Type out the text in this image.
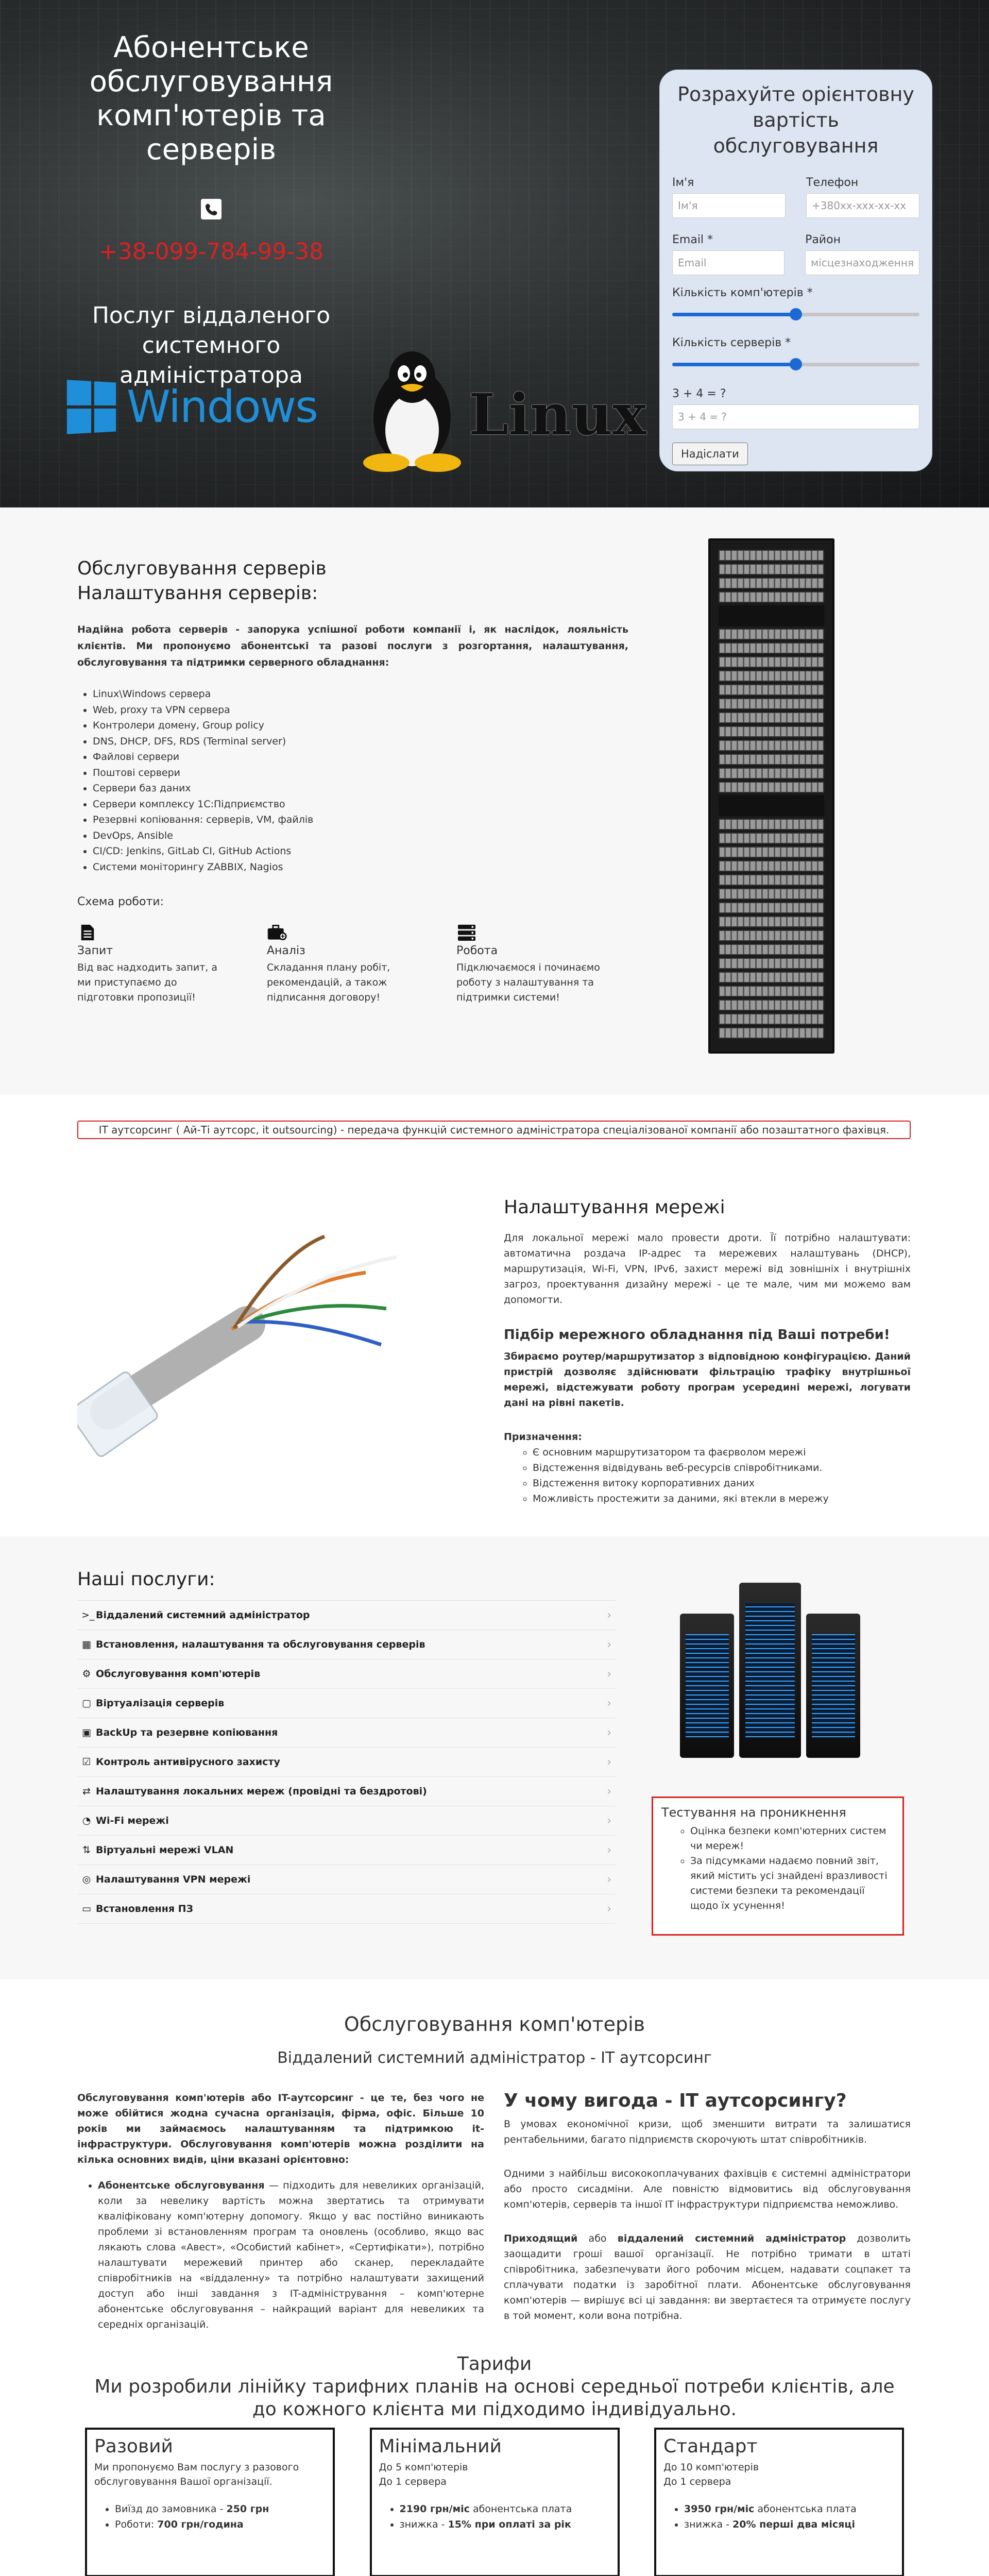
Абонентське обслуговування комп'ютерів та серверів
+38-099-784-99-38
Послуг віддаленого системного адміністратора
Windows	Linux
Розрахуйте орієнтовну вартість обслуговування
Ім'я
Ім'я
Телефон
+380xx-xxx-xx-xx
Email *
Email
Район
місцезнаходження
Кількість комп'ютерів *
Кількість серверів *
3 + 4 = ?
3 + 4 = ?
Надіслати
Обслуговування серверів
Налаштування серверів:

Надійна робота серверів - запорука успішної роботи компанії і, як наслідок, лояльність клієнтів. Ми пропонуємо абонентські та разові послуги з розгортання, налаштування, обслуговування та підтримки серверного обладнання:

• Linux\Windows сервера
• Web, proxy та VPN сервера
• Контролери домену, Group policy
• DNS, DHCP, DFS, RDS (Terminal server)
• Файлові сервери
• Поштові сервери
• Сервери баз даних
• Сервери комплексу 1С:Підприємство
• Резервні копіювання: серверів, VM, файлів
• DevOps, Ansible
• CI/CD: Jenkins, GitLab CI, GitHub Actions
• Системи моніторингу ZABBIX, Nagios
Схема роботи:
Запит
Від вас надходить запит, а ми приступаємо до підготовки пропозиції!
Аналіз
Складання плану робіт, рекомендацій, а також підписання договору!
Робота
Підключаємося і починаємо роботу з налаштування та підтримки системи!
IT аутсорсинг ( Ай-Ті аутсорс, it outsourcing) - передача функцій системного адміністратора спеціалізованої компанії або позаштатного фахівця.
Налаштування мережі

Для локальної мережі мало провести дроти. Її потрібно налаштувати: автоматична роздача IP-адрес та мережевих налаштувань (DHCP), маршрутизація, Wi-Fi, VPN, IPv6, захист мережі від зовнішніх і внутрішніх загроз, проектування дизайну мережі - це те мале, чим ми можемо вам допомогти.

Підбір мережного обладнання під Ваші потреби!

Збираємо роутер/маршрутизатор з відповідною конфігурацією. Даний пристрій дозволяє здійснювати фільтрацію трафіку внутрішньої мережі, відстежувати роботу програм усередині мережі, логувати дані на рівні пакетів.

Призначення:
◦ Є основним маршрутизатором та фаєрволом мережі
◦ Відстеження відвідувань веб-ресурсів співробітниками.
◦ Відстеження витоку корпоративних даних
◦ Можливість простежити за даними, які втекли в мережу
Наші послуги:
>_ Віддалений системний адміністратор	›
▦ Встановлення, налаштування та обслуговування серверів	›
⚙ Обслуговування комп'ютерів	›
▢ Віртуалізація серверів	›
▣ BackUp та резервне копіювання	›
☑ Контроль антивірусного захисту	›
⇄ Налаштування локальних мереж (провідні та бездротові)	›
◔ Wi-Fi мережі	›
⇅ Віртуальні мережі VLAN	›
◎ Налаштування VPN мережі	›
▭ Встановлення ПЗ	›
Тестування на проникнення
◦ Оцінка безпеки комп'ютерних систем чи мереж!
◦ За підсумками надаємо повний звіт, який містить усі знайдені вразливості системи безпеки та рекомендації щодо їх усунення!
Обслуговування комп'ютерів
Віддалений системний адміністратор - IT аутсорсинг

Обслуговування комп'ютерів або IT-аутсорсинг - це те, без чого не може обійтися жодна сучасна організація, фірма, офіс. Більше 10 років ми займаємось налаштуванням та підтримкою it-інфраструктури. Обслуговування комп'ютерів можна розділити на кілька основних видів, ціни вказані орієнтовно:

• Абонентське обслуговування — підходить для невеликих організацій, коли за невелику вартість можна звертатись та отримувати кваліфіковану комп'ютерну допомогу. Якщо у вас постійно виникають проблеми зі встановленням програм та оновлень (особливо, якщо вас лякають слова «Авест», «Особистий кабінет», «Сертифікати»), потрібно налаштувати мережевий принтер або сканер, перекладайте співробітників на «віддаленну» та потрібно налаштувати захищений доступ або інші завдання з IT-адміністрування – комп'ютерне абонентське обслуговування – найкращий варіант для невеликих та середніх організацій.
У чому вигода - IT аутсорсингу?

В умовах економічної кризи, щоб зменшити витрати та залишатися рентабельними, багато підприємств скорочують штат співробітників.

Одними з найбільш висококоплачуваних фахівців є системні адміністратори або просто сисадміни. Але повністю відмовитись від обслуговування комп'ютерів, серверів та іншої IT інфраструктури підприємства неможливо.

Приходящий або віддалений системний адміністратор дозволить заощадити гроші вашої організації. Не потрібно тримати в штаті співробітника, забезпечувати його робочим місцем, надавати соцпакет та сплачувати податки із заробітної плати. Абонентське обслуговування комп'ютерів — вирішує всі ці завдання: ви звертаєтеся та отримуєте послугу в той момент, коли вона потрібна.

Тарифи
Ми розробили лінійку тарифних планів на основі середньої потреби клієнтів, але до кожного клієнта ми підходимо індивідуально.
Разовий

Ми пропонуємо Вам послугу з разового обслуговування Вашої організації.

• Виїзд до замовника - 250 грн
• Роботи: 700 грн/година
Мінімальний

До 5 комп'ютерів
До 1 сервера

• 2190 грн/міс абонентська плата
• знижка - 15% при оплаті за рік
Стандарт

До 10 комп'ютерів
До 1 сервера

• 3950 грн/міс абонентська плата
• знижка - 20% перші два місяці
